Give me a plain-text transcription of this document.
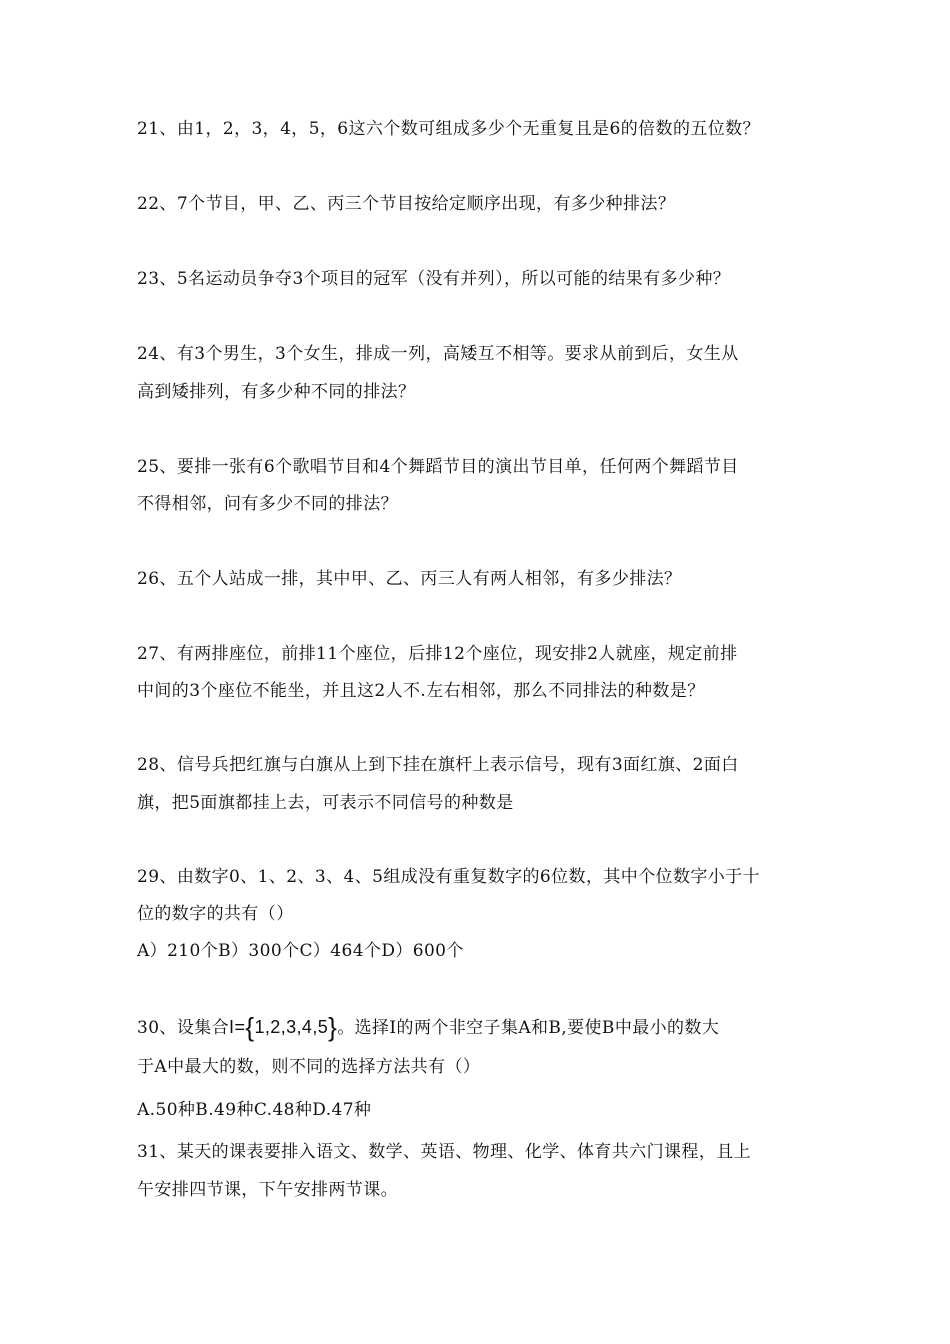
21、由1，2，3，4，5，6这六个数可组成多少个无重复且是6的倍数的五位数？
22、7个节目，甲、乙、丙三个节目按给定顺序出现，有多少种排法？
23、5名运动员争夺3个项目的冠军（没有并列），所以可能的结果有多少种？
24、有3个男生，3个女生，排成一列，高矮互不相等。要求从前到后，女生从
高到矮排列，有多少种不同的排法？
25、要排一张有6个歌唱节目和4个舞蹈节目的演出节目单，任何两个舞蹈节目
不得相邻，问有多少不同的排法？
26、五个人站成一排，其中甲、乙、丙三人有两人相邻，有多少排法？
27、有两排座位，前排11个座位，后排12个座位，现安排2人就座，规定前排
中间的3个座位不能坐，并且这2人不.左右相邻，那么不同排法的种数是？
28、信号兵把红旗与白旗从上到下挂在旗杆上表示信号，现有3面红旗、2面白
旗，把5面旗都挂上去，可表示不同信号的种数是
29、由数字0、1、2、3、4、5组成没有重复数字的6位数，其中个位数字小于十
位的数字的共有（）
A）210个B）300个C）464个D）600个
30、设集合I={1,2,3,4,5}。选择I的两个非空子集A和B,要使B中最小的数大
于A中最大的数，则不同的选择方法共有（）
A.50种B.49种C.48种D.47种
31、某天的课表要排入语文、数学、英语、物理、化学、体育共六门课程，且上
午安排四节课，下午安排两节课。
